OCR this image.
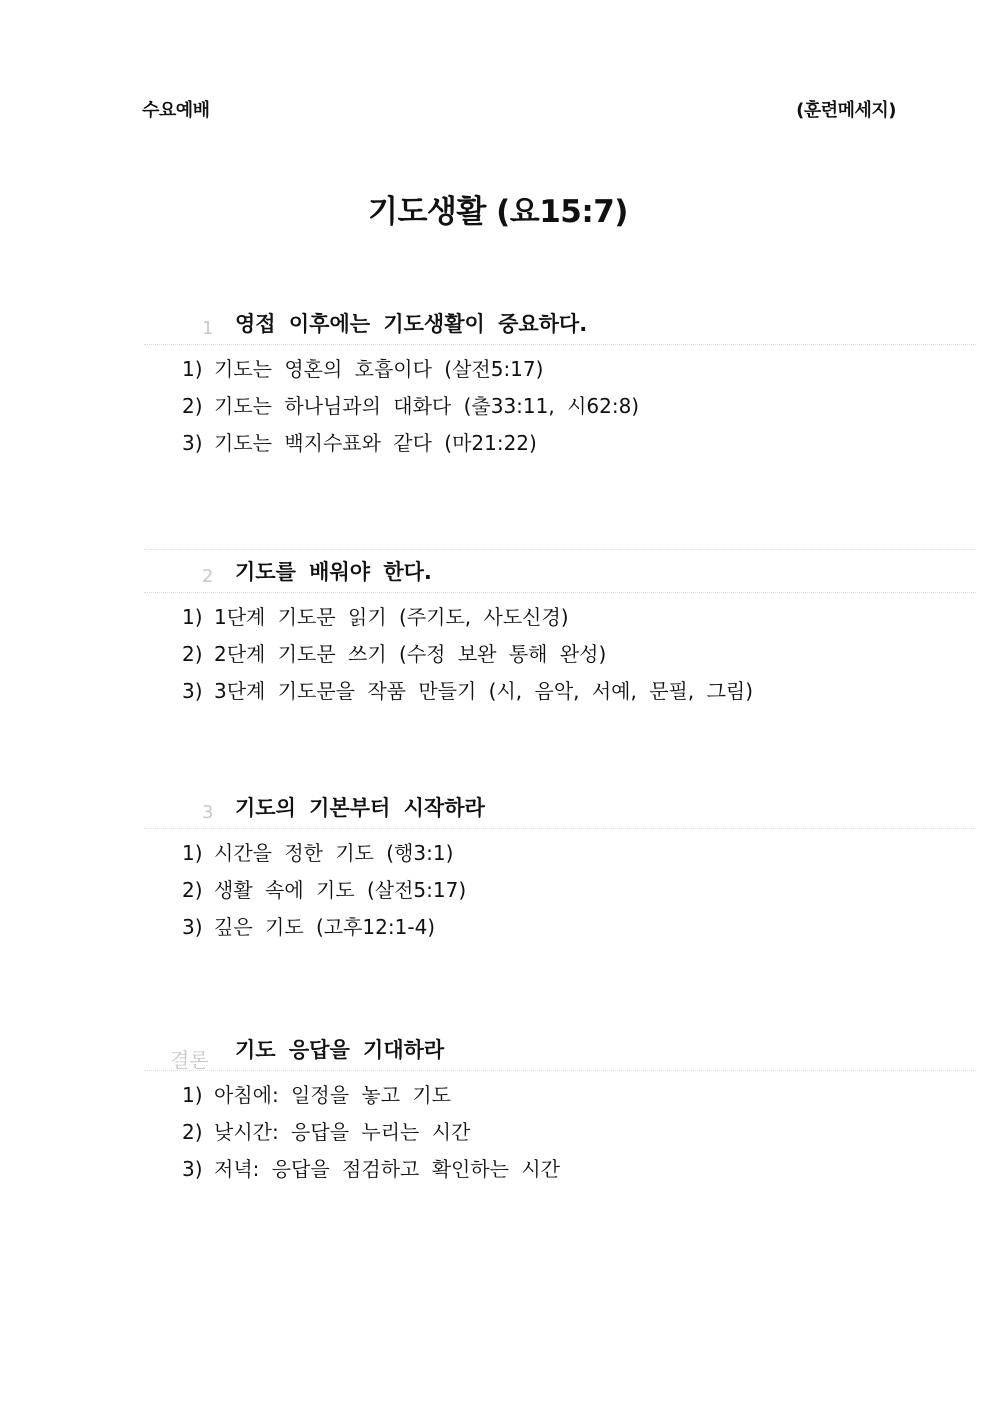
수요예배	(훈련메세지)
기도생활 (요15:7)
1 영접 이후에는 기도생활이 중요하다.
1) 기도는 영혼의 호흡이다 (살전5:17)
2) 기도는 하나님과의 대화다 (출33:11, 시62:8)
3) 기도는 백지수표와 같다 (마21:22)
2 기도를 배워야 한다.
1) 1단계 기도문 읽기 (주기도, 사도신경)
2) 2단계 기도문 쓰기 (수정 보완 통해 완성)
3) 3단계 기도문을 작품 만들기 (시, 음악, 서예, 문필, 그림)
3 기도의 기본부터 시작하라
1) 시간을 정한 기도 (행3:1)
2) 생활 속에 기도 (살전5:17)
3) 깊은 기도 (고후12:1-4)
결론 기도 응답을 기대하라
1) 아침에: 일정을 놓고 기도
2) 낮시간: 응답을 누리는 시간
3) 저녁: 응답을 점검하고 확인하는 시간
